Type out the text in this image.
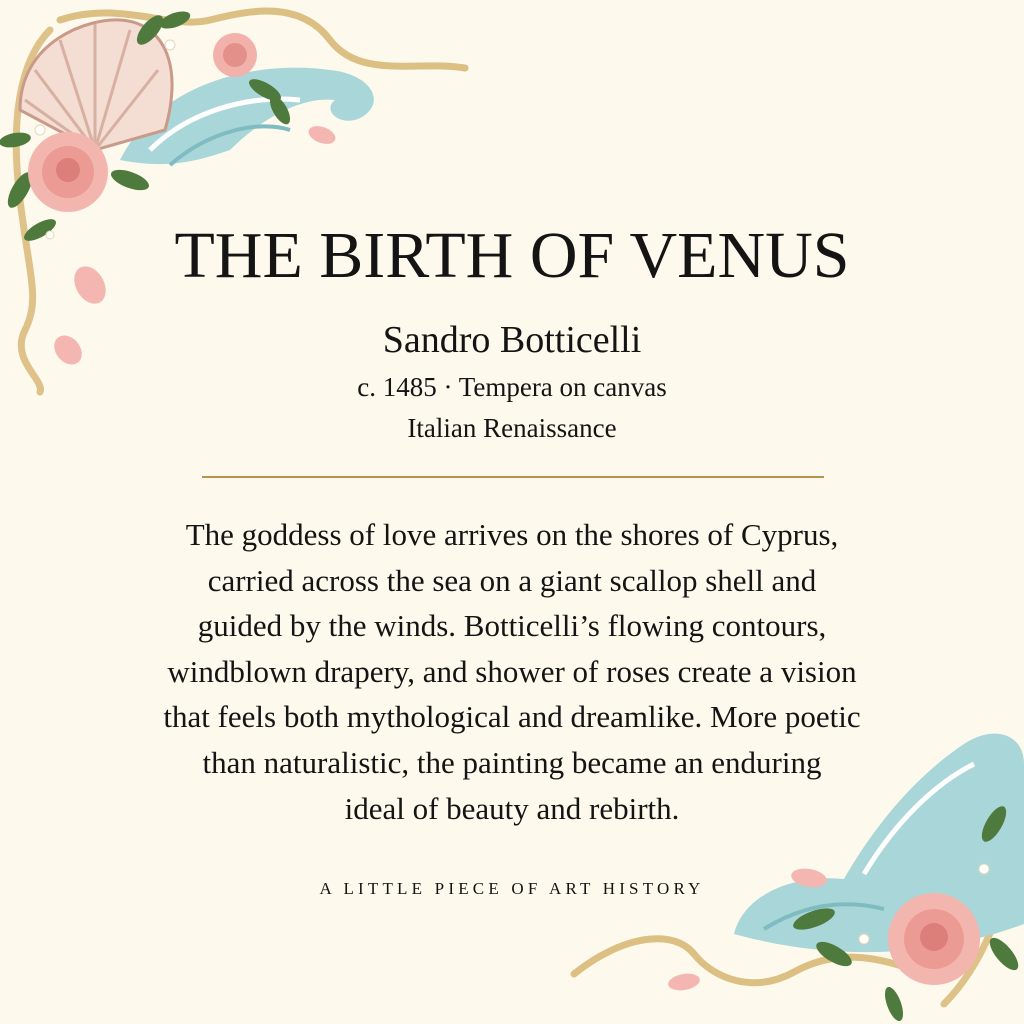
THE BIRTH OF VENUS
Sandro Botticelli
c. 1485 · Tempera on canvas
Italian Renaissance

The goddess of love arrives on the shores of Cyprus,
carried across the sea on a giant scallop shell and
guided by the winds. Botticelli’s flowing contours,
windblown drapery, and shower of roses create a vision
that feels both mythological and dreamlike. More poetic
than naturalistic, the painting became an enduring
ideal of beauty and rebirth.

A LITTLE PIECE OF ART HISTORY
